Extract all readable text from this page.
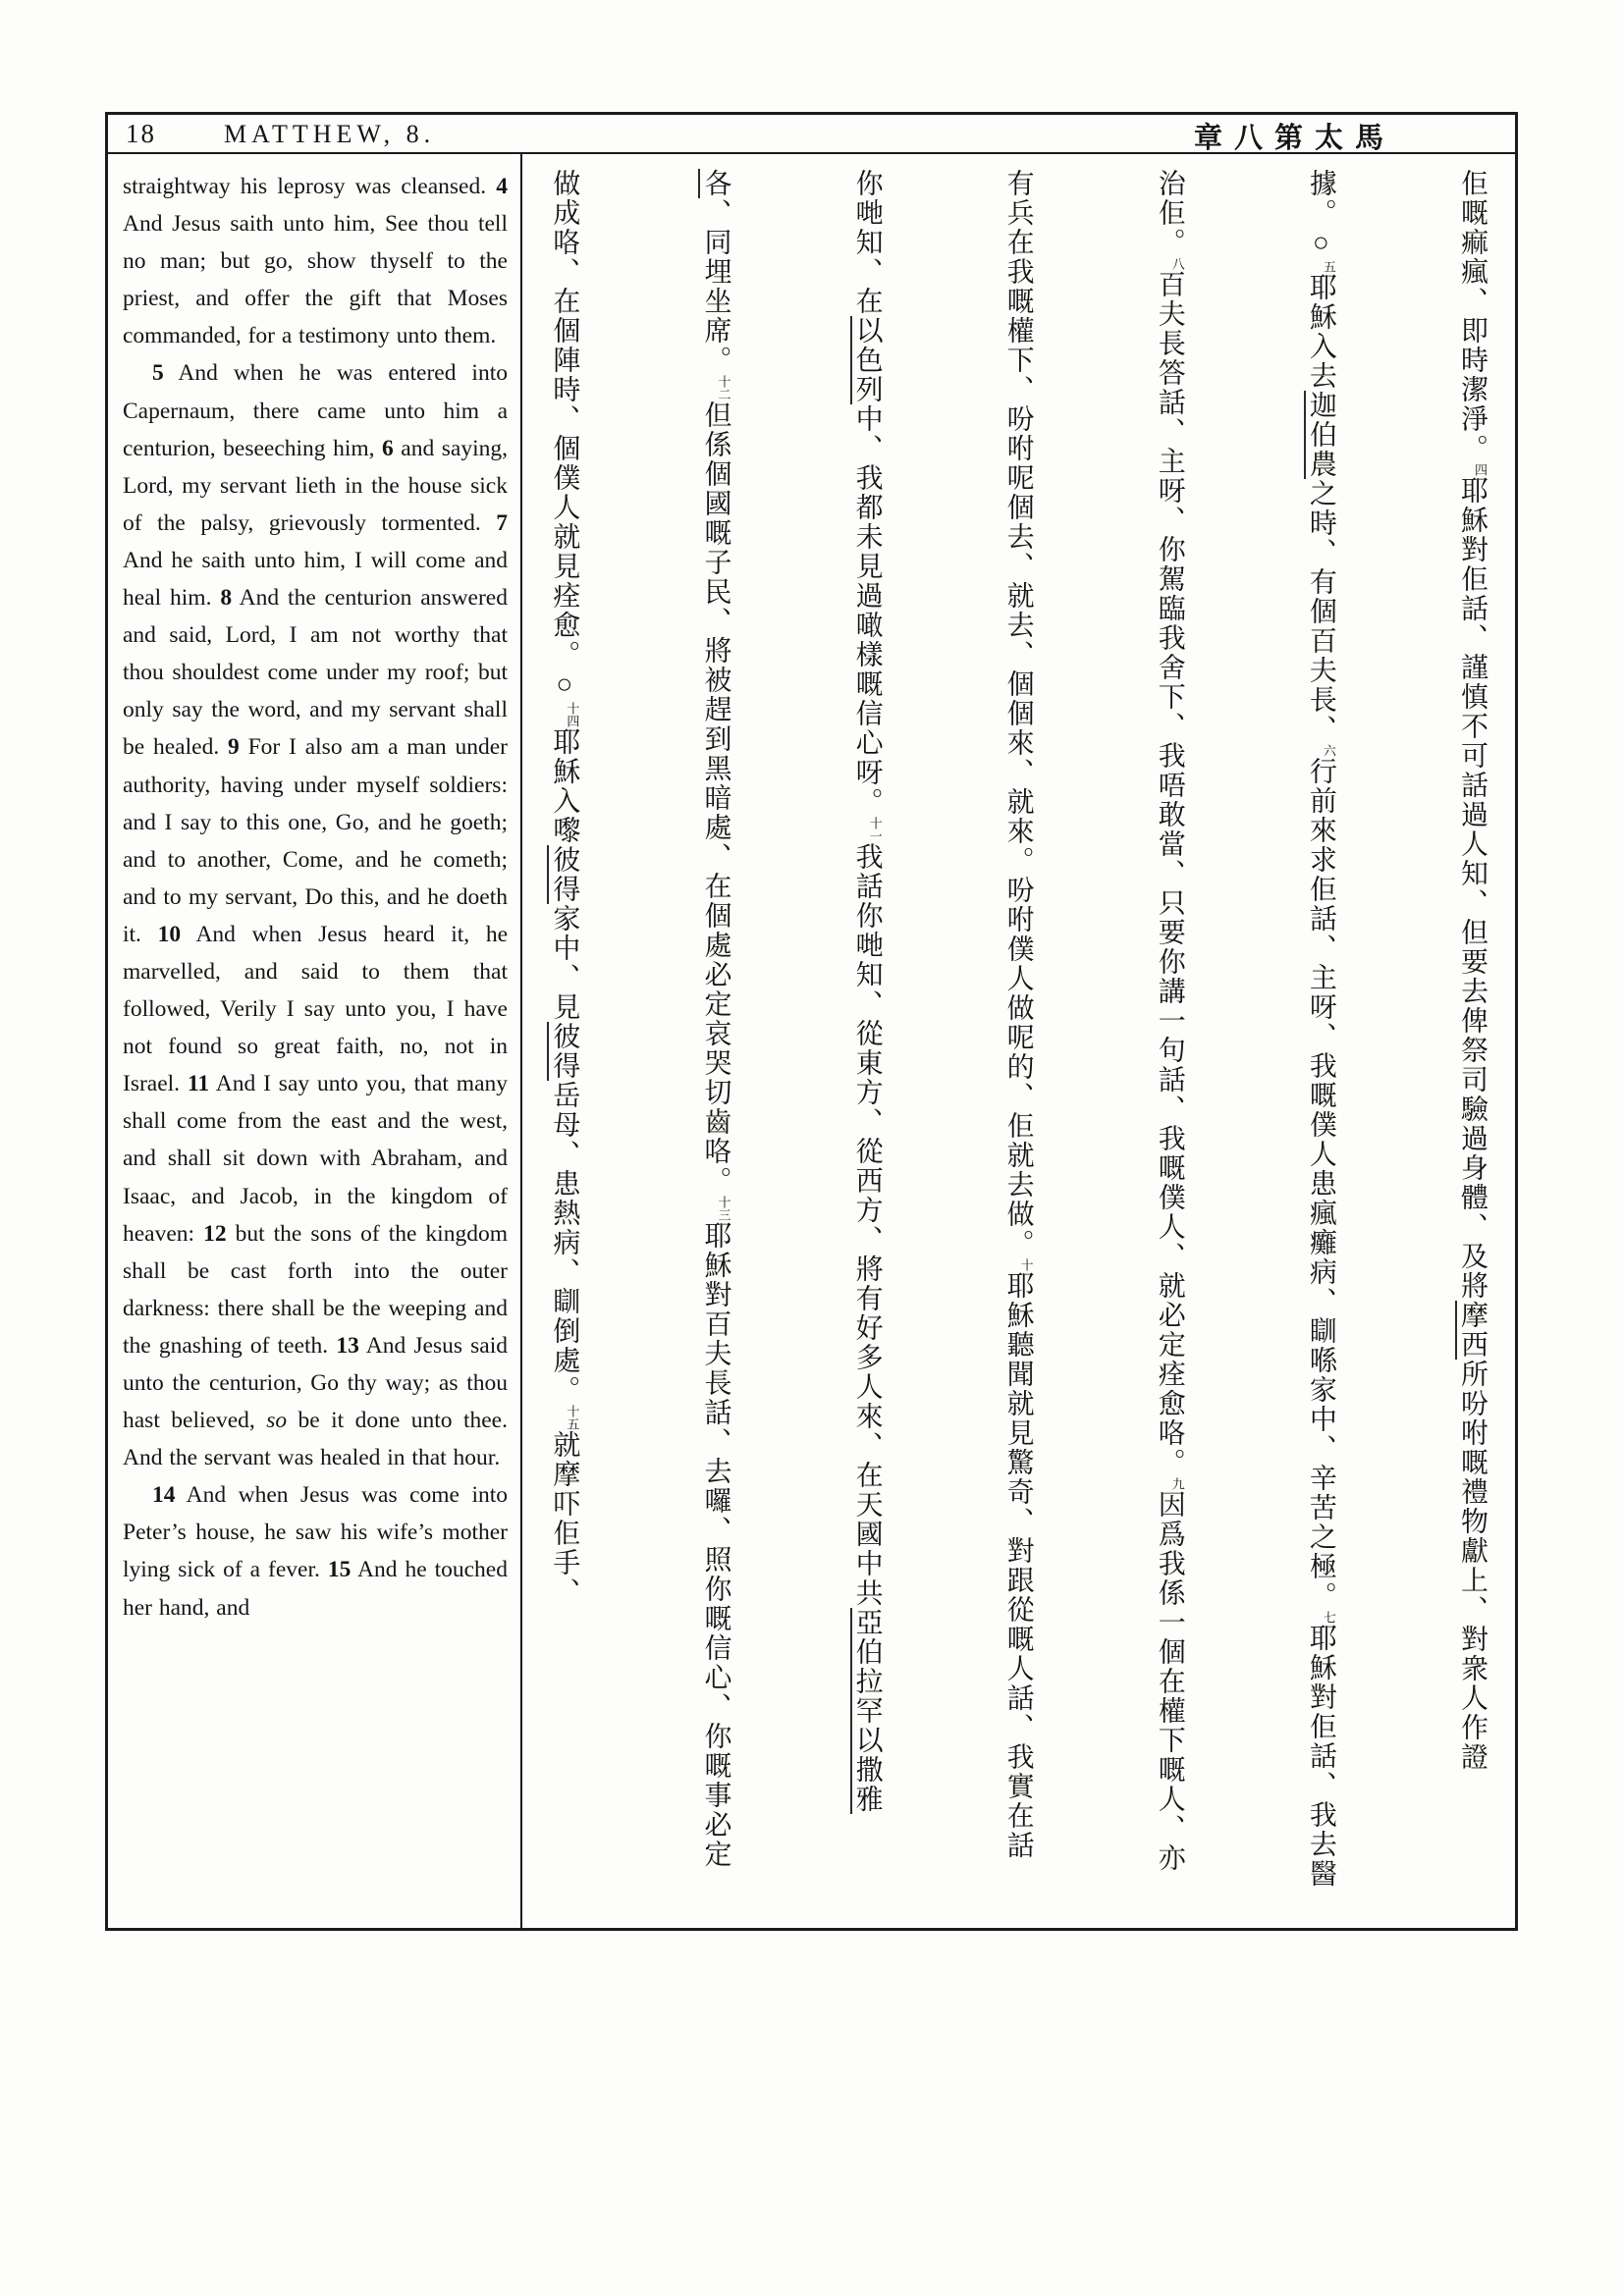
18	MATTHEW, 8.	章八第太馬

straightway his leprosy was cleansed. 4 And Jesus saith unto him, See thou tell no man; but go, show thyself to the priest, and offer the gift that Moses commanded, for a testimony unto them.

5 And when he was entered into Capernaum, there came unto him a centurion, beseeching him, 6 and saying, Lord, my servant lieth in the house sick of the palsy, grievously tormented. 7 And he saith unto him, I will come and heal him. 8 And the centurion answered and said, Lord, I am not worthy that thou shouldest come under my roof; but only say the word, and my servant shall be healed. 9 For I also am a man under authority, having under myself soldiers: and I say to this one, Go, and he goeth; and to another, Come, and he cometh; and to my servant, Do this, and he doeth it. 10 And when Jesus heard it, he marvelled, and said to them that followed, Verily I say unto you, I have not found so great faith, no, not in Israel. 11 And I say unto you, that many shall come from the east and the west, and shall sit down with Abraham, and Isaac, and Jacob, in the kingdom of heaven: 12 but the sons of the kingdom shall be cast forth into the outer darkness: there shall be the weeping and the gnashing of teeth. 13 And Jesus said unto the centurion, Go thy way; as thou hast believed, so be it done unto thee. And the servant was healed in that hour.

14 And when Jesus was come into Peter’s house, he saw his wife’s mother lying sick of a fever. 15 And he touched her hand, and

佢嘅痲瘋、即時潔淨。四耶穌對佢話、謹慎不可話過人知、但要去俾祭司驗過身體、及將摩西所吩咐嘅禮物獻上、對衆人作證
據。○五耶穌入去迦伯農之時、有個百夫長、六行前來求佢話、主呀、我嘅僕人患瘋癱病、瞓喺家中、辛苦之極。七耶穌對佢話、我去醫
治佢。八百夫長答話、主呀、你駕臨我舍下、我唔敢當、只要你講一句話、我嘅僕人、就必定痊愈咯。九因爲我係一個在權下嘅人、亦
有兵在我嘅權下、吩咐呢個去、就去、個個來、就來。吩咐僕人做呢的、佢就去做。十耶穌聽聞就見驚奇、對跟從嘅人話、我實在話
你哋知、在以色列中、我都未見過噉樣嘅信心呀。十一我話你哋知、從東方、從西方、將有好多人來、在天國中共亞伯拉罕以撒雅
各、同埋坐席。十二但係個國嘅子民、將被趕到黑暗處、在個處必定哀哭切齒咯。十三耶穌對百夫長話、去囉、照你嘅信心、你嘅事必定
做成咯、在個陣時、個僕人就見痊愈。○十四耶穌入嚟彼得家中、見彼得岳母、患熱病、瞓倒處。十五就摩吓佢手、
